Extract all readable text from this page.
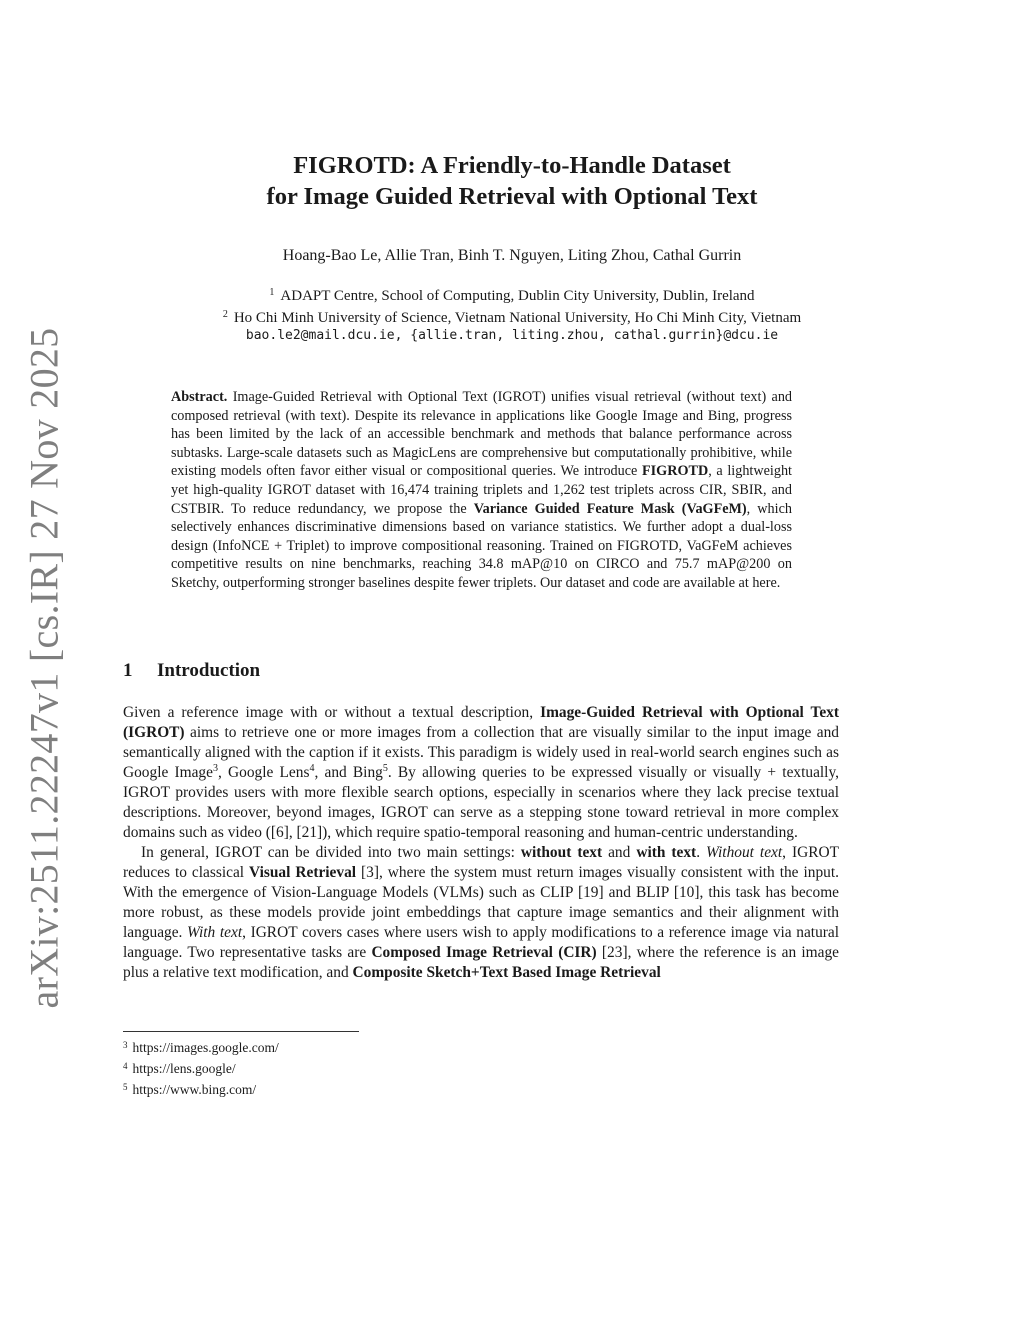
arXiv:2511.22247v1 [cs.IR] 27 Nov 2025
FIGROTD: A Friendly-to-Handle Dataset
for Image Guided Retrieval with Optional Text
Hoang-Bao Le, Allie Tran, Binh T. Nguyen, Liting Zhou, Cathal Gurrin
$^1$ ADAPT Centre, School of Computing, Dublin City University, Dublin, Ireland
$^2$ Ho Chi Minh University of Science, Vietnam National University, Ho Chi Minh City, Vietnam
bao.le2@mail.dcu.ie, {allie.tran, liting.zhou, cathal.gurrin}@dcu.ie
Abstract. Image-Guided Retrieval with Optional Text (IGROT) unifies visual retrieval (without text) and composed retrieval (with text). Despite its relevance in applications like Google Image and Bing, progress has been limited by the lack of an accessible benchmark and methods that balance performance across subtasks. Large-scale datasets such as MagicLens are comprehensive but computationally prohibitive, while existing models often favor either visual or compositional queries. We introduce FIGROTD, a lightweight yet high-quality IGROT dataset with 16,474 training triplets and 1,262 test triplets across CIR, SBIR, and CSTBIR. To reduce redundancy, we propose the Variance Guided Feature Mask (VaGFeM), which selectively enhances discriminative dimensions based on variance statistics. We further adopt a dual-loss design (InfoNCE + Triplet) to improve compositional reasoning. Trained on FIGROTD, VaGFeM achieves competitive results on nine benchmarks, reaching 34.8 mAP@10 on CIRCO and 75.7 mAP@200 on Sketchy, outperforming stronger baselines despite fewer triplets. Our dataset and code are available at here.
1 Introduction

Given a reference image with or without a textual description, Image-Guided Retrieval with Optional Text (IGROT) aims to retrieve one or more images from a collection that are visually similar to the input image and semantically aligned with the caption if it exists. This paradigm is widely used in real-world search engines such as Google Image$^3$, Google Lens$^4$, and Bing$^5$. By allowing queries to be expressed visually or visually + textually, IGROT provides users with more flexible search options, especially in scenarios where they lack precise textual descriptions. Moreover, beyond images, IGROT can serve as a stepping stone toward retrieval in more complex domains such as video ([6], [21]), which require spatio-temporal reasoning and human-centric understanding.

In general, IGROT can be divided into two main settings: without text and with text. Without text, IGROT reduces to classical Visual Retrieval [3], where the system must return images visually consistent with the input. With the emergence of Vision-Language Models (VLMs) such as CLIP [19] and BLIP [10], this task has become more robust, as these models provide joint embeddings that capture image semantics and their alignment with language. With text, IGROT covers cases where users wish to apply modifications to a reference image via natural language. Two representative tasks are Composed Image Retrieval (CIR) [23], where the reference is an image plus a relative text modification, and Composite Sketch+Text Based Image Retrieval

$^3$ https://images.google.com/
$^4$ https://lens.google/
$^5$ https://www.bing.com/
